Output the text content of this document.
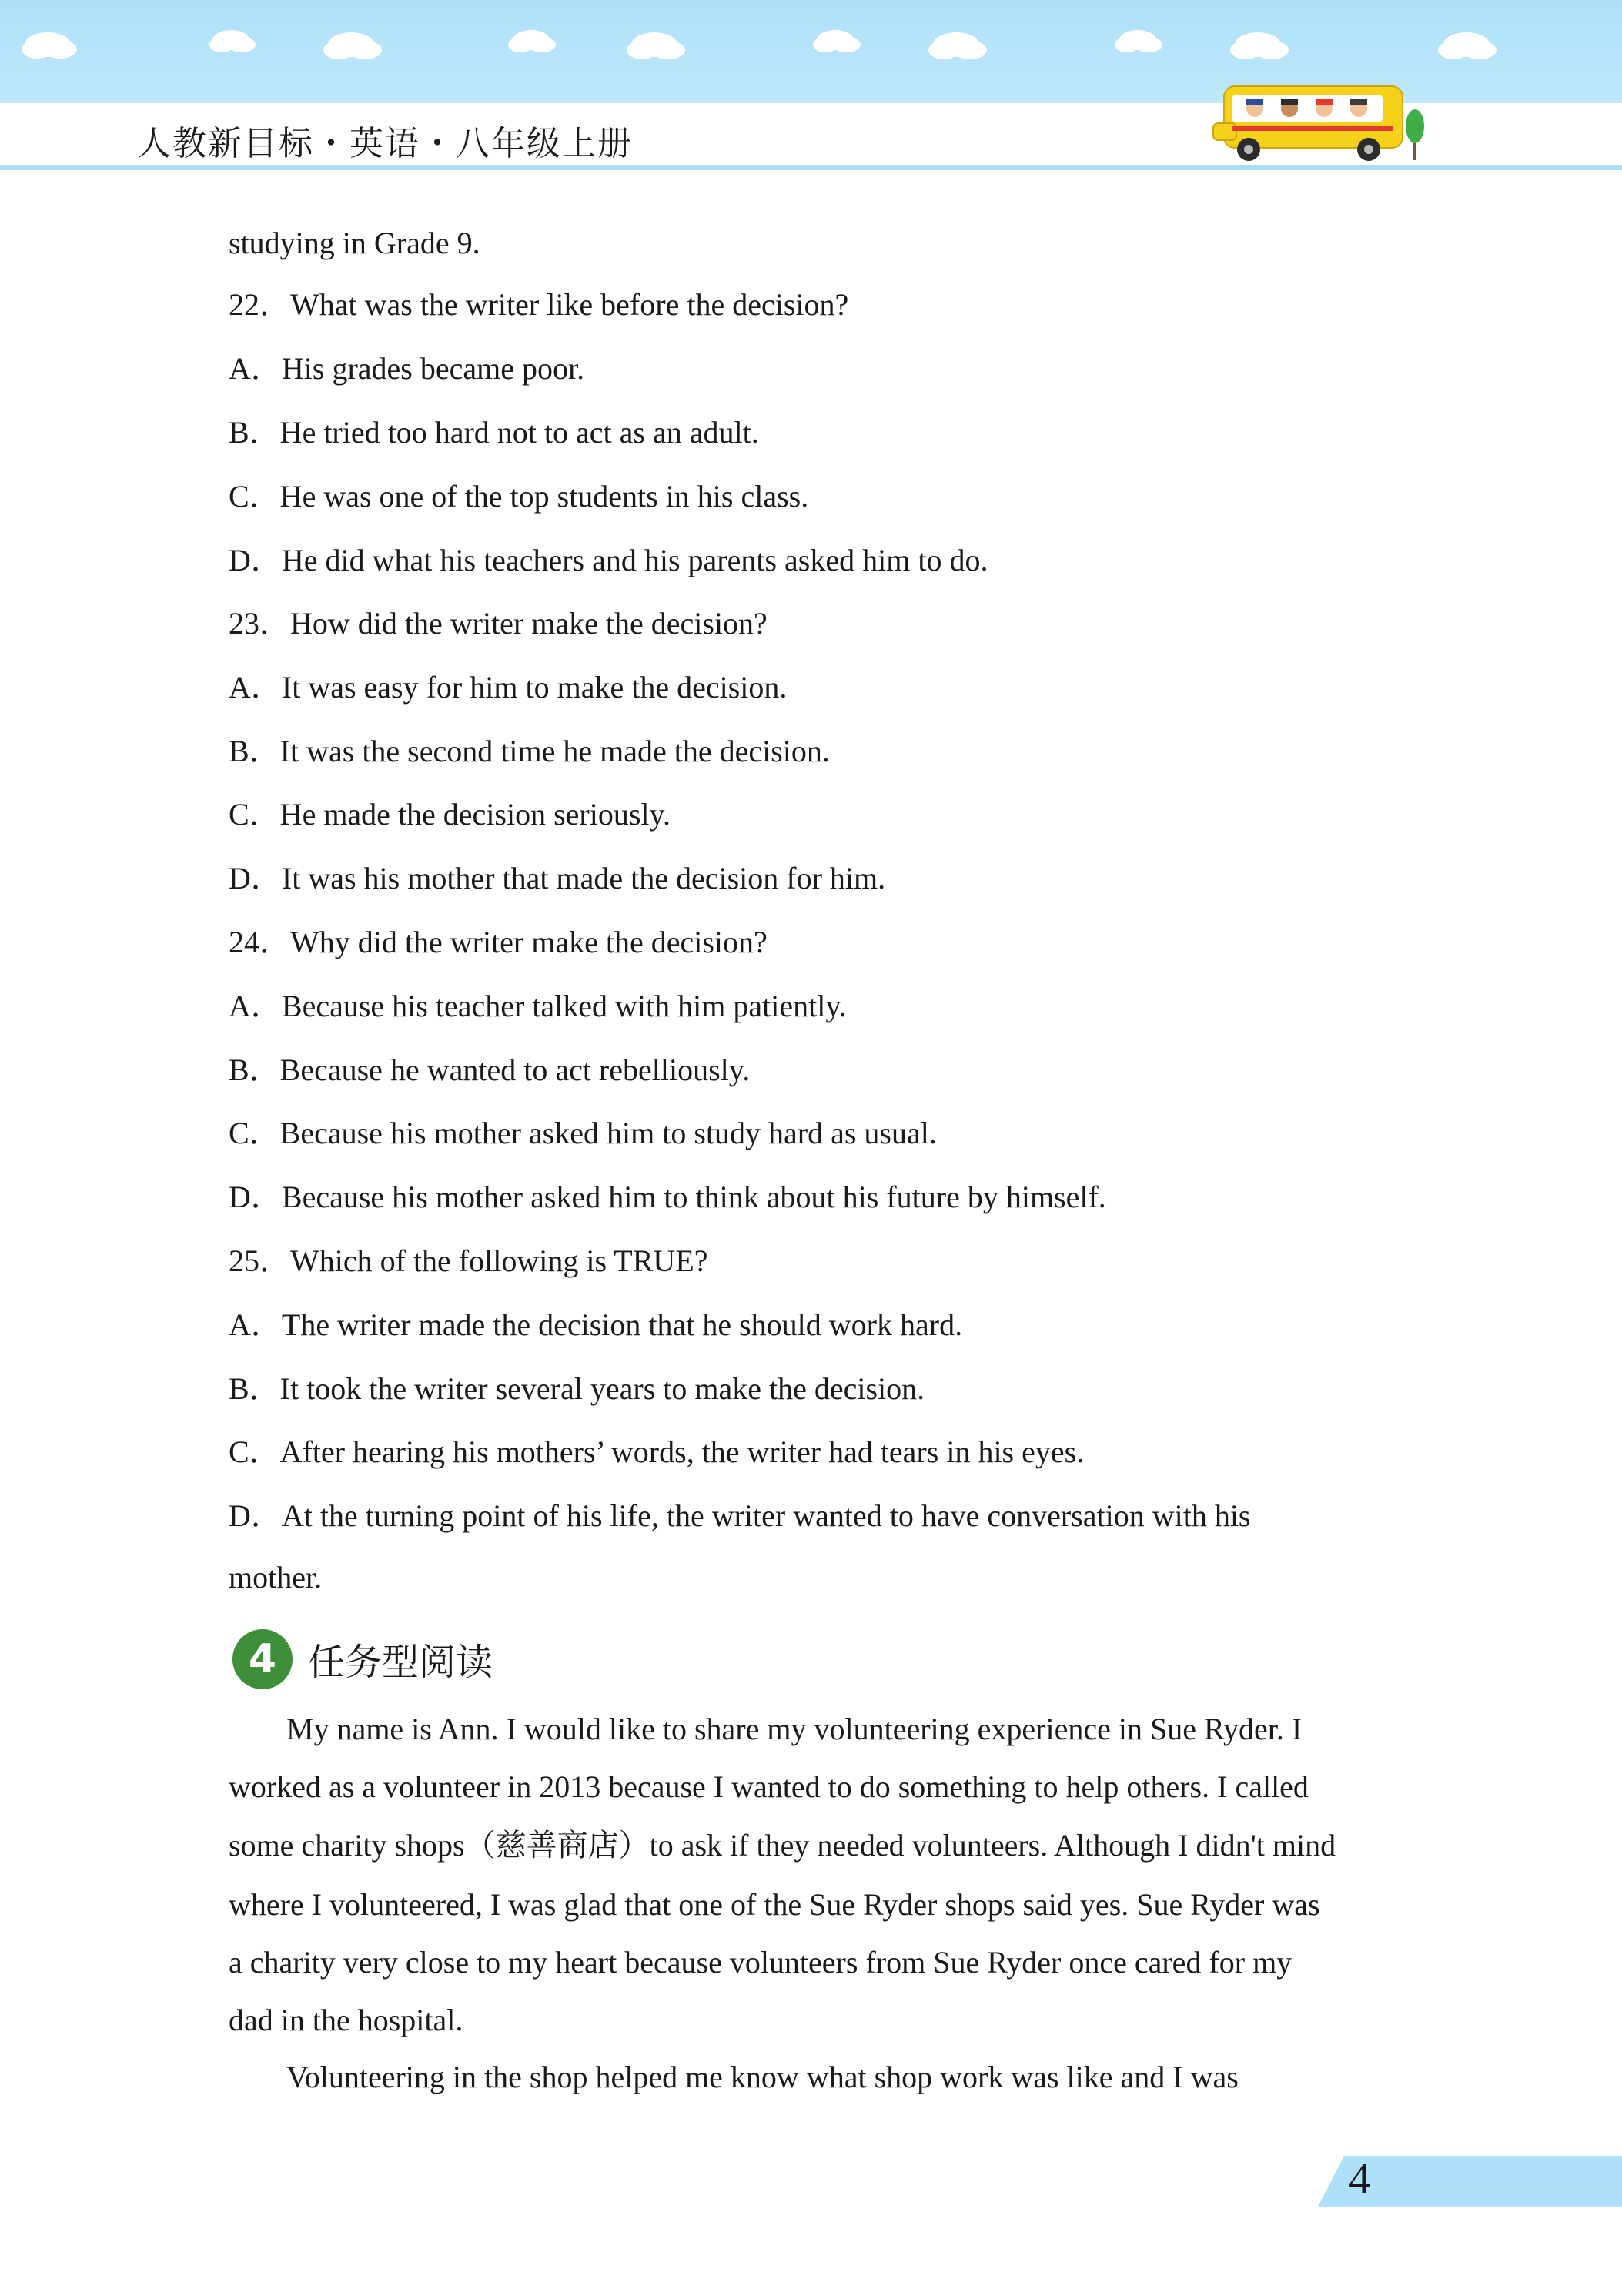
人教新目标・英语・八年级上册
studying in Grade 9.
22．What was the writer like before the decision?
A．His grades became poor.
B．He tried too hard not to act as an adult.
C．He was one of the top students in his class.
D．He did what his teachers and his parents asked him to do.
23．How did the writer make the decision?
A．It was easy for him to make the decision.
B．It was the second time he made the decision.
C．He made the decision seriously.
D．It was his mother that made the decision for him.
24．Why did the writer make the decision?
A．Because his teacher talked with him patiently.
B．Because he wanted to act rebelliously.
C．Because his mother asked him to study hard as usual.
D．Because his mother asked him to think about his future by himself.
25．Which of the following is TRUE?
A．The writer made the decision that he should work hard.
B．It took the writer several years to make the decision.
C．After hearing his mothers’ words, the writer had tears in his eyes.
D．At the turning point of his life, the writer wanted to have conversation with his
mother.
4 任务型阅读
My name is Ann. I would like to share my volunteering experience in Sue Ryder. I
worked as a volunteer in 2013 because I wanted to do something to help others. I called
some charity shops（慈善商店）to ask if they needed volunteers. Although I didn't mind
where I volunteered, I was glad that one of the Sue Ryder shops said yes. Sue Ryder was
a charity very close to my heart because volunteers from Sue Ryder once cared for my
dad in the hospital.
Volunteering in the shop helped me know what shop work was like and I was
4
